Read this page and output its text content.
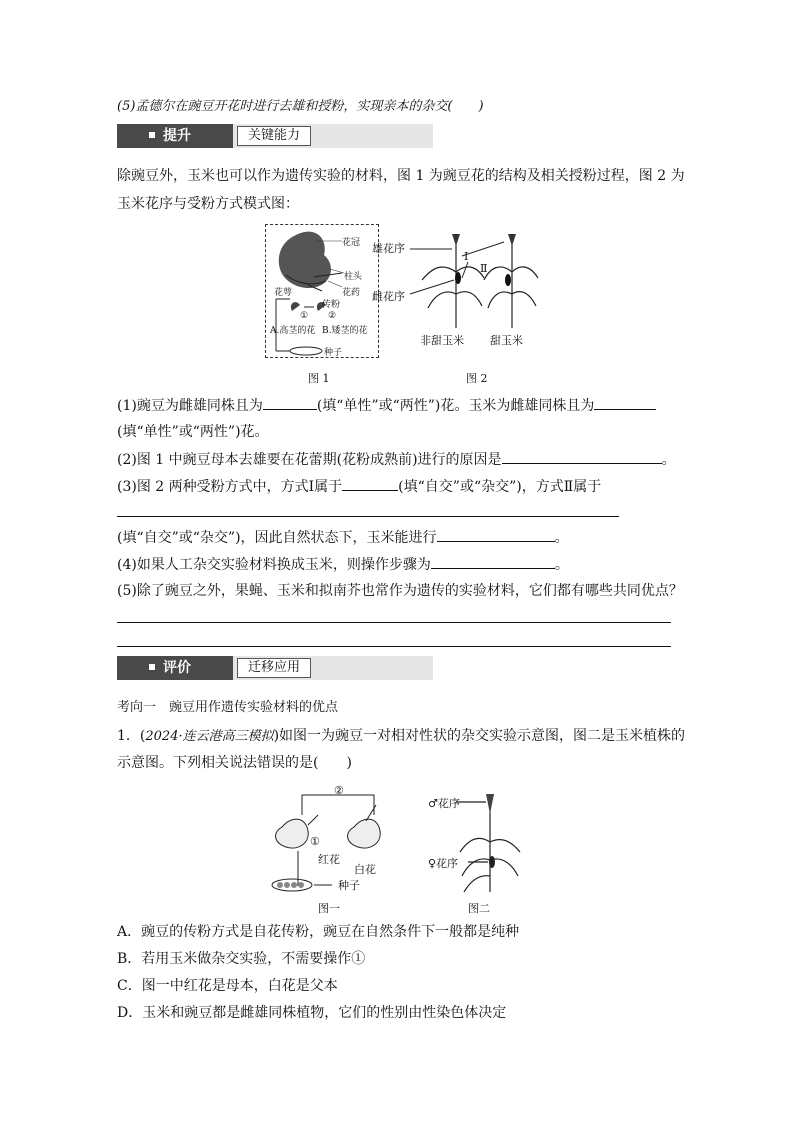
(5)孟德尔在豌豆开花时进行去雄和授粉，实现亲本的杂交(　　)
提升	关键能力
除豌豆外，玉米也可以作为遗传实验的材料，图 1 为豌豆花的结构及相关授粉过程，图 2 为
玉米花序与受粉方式模式图：
花冠
柱头
花药
花萼
传粉
① ②
A.高茎的花 B.矮茎的花
种子
图 1
雄花序
雌花序
I
Ⅱ
非甜玉米 甜玉米
图 2
(1)豌豆为雌雄同株且为	(填“单性”或“两性”)花。玉米为雌雄同株且为
(填“单性”或“两性”)花。
(2)图 1 中豌豆母本去雄要在花蕾期(花粉成熟前)进行的原因是	。
(3)图 2 两种受粉方式中，方式Ⅰ属于	(填“自交”或“杂交”)，方式Ⅱ属于
(填“自交”或“杂交”)，因此自然状态下，玉米能进行	。
(4)如果人工杂交实验材料换成玉米，则操作步骤为	。
(5)除了豌豆之外，果蝇、玉米和拟南芥也常作为遗传的实验材料，它们都有哪些共同优点？
评价	迁移应用
考向一　豌豆用作遗传实验材料的优点
1．(2024·连云港高三模拟)如图一为豌豆一对相对性状的杂交实验示意图，图二是玉米植株的
示意图。下列相关说法错误的是(　　)
②
①
红花
白花
种子
图一
♂花序
♀花序
图二
A．豌豆的传粉方式是自花传粉，豌豆在自然条件下一般都是纯种
B．若用玉米做杂交实验，不需要操作①
C．图一中红花是母本，白花是父本
D．玉米和豌豆都是雌雄同株植物，它们的性别由性染色体决定
